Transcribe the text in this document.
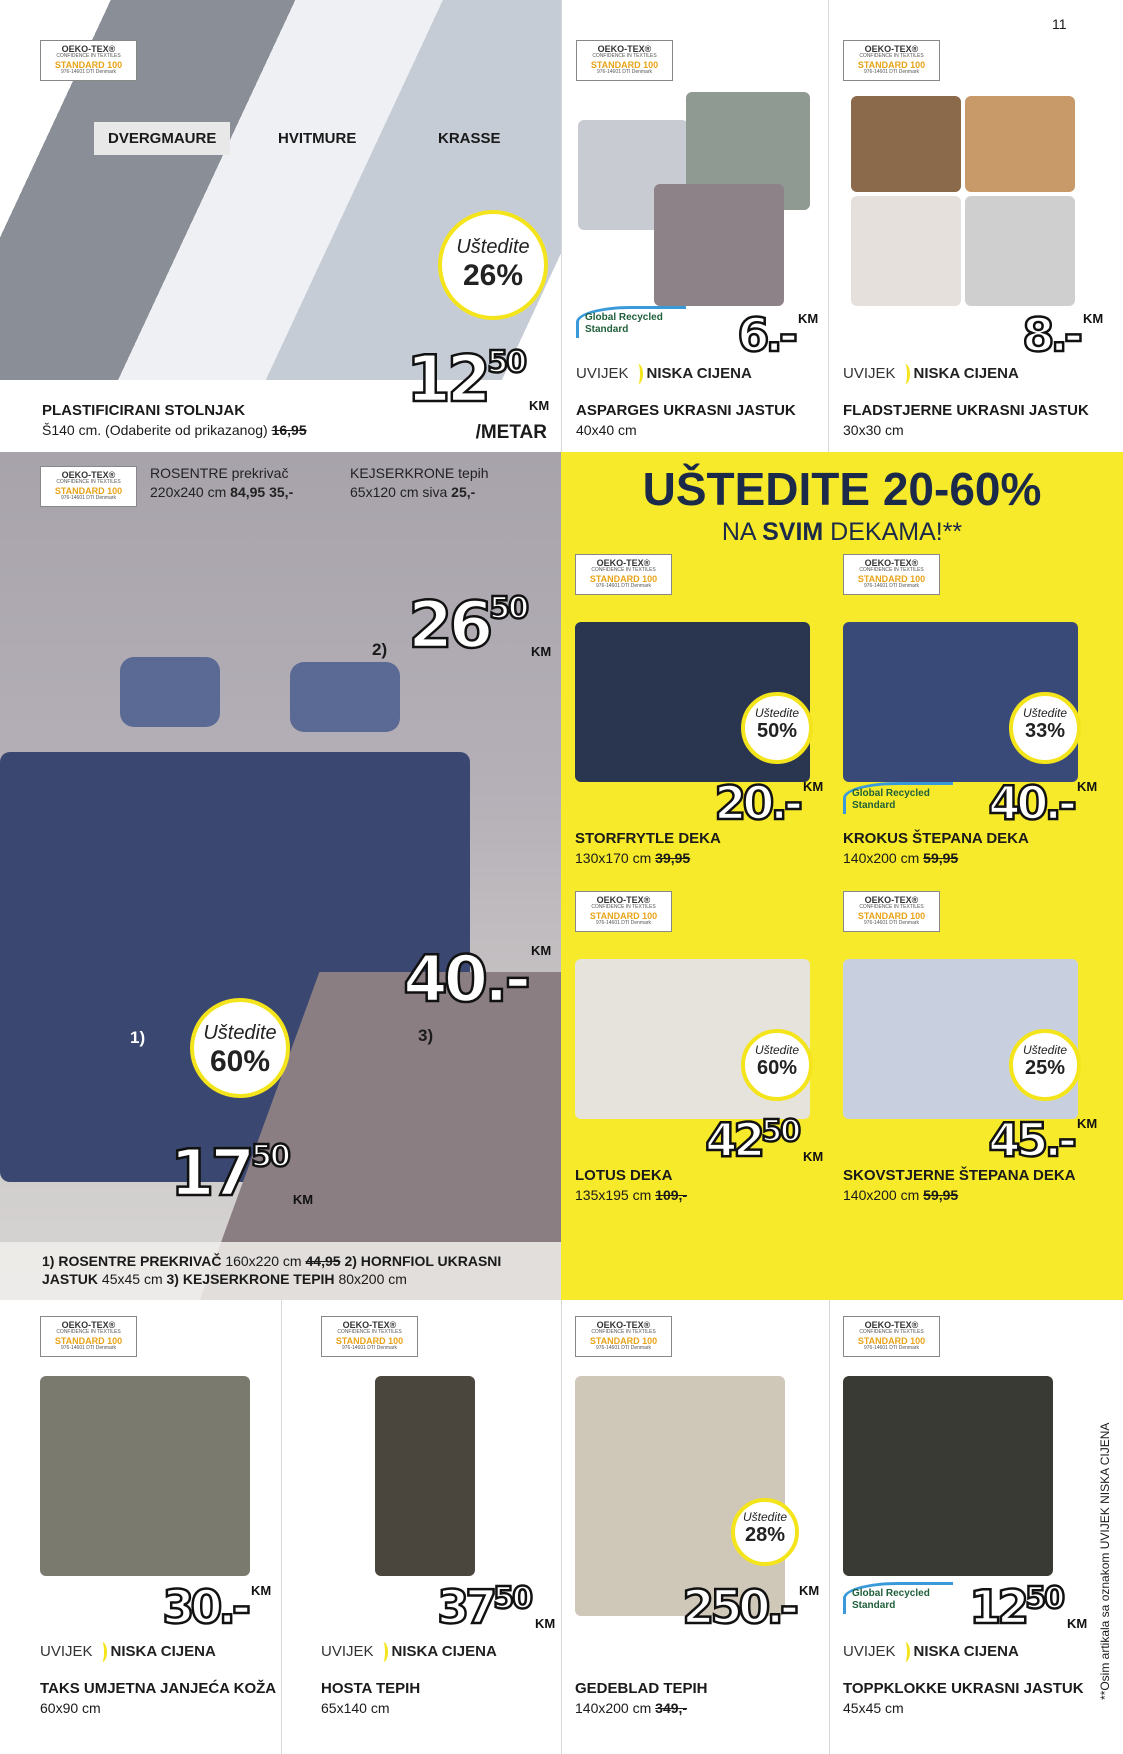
OEKO-TEX®
CONFIDENCE IN TEXTILES
STANDARD 100
976-14601 DTI Denmark
DVERGMAURE	HVITMURE	KRASSE
Uštedite
26%
1250
KM
/METAR
PLASTIFICIRANI STOLNJAK
Š140 cm. (Odaberite od prikazanog) 16,95
11
OEKO-TEX®
CONFIDENCE IN TEXTILES
STANDARD 100
976-14601 DTI Denmark
Global Recycled Standard	6.- KM
UVIJEK NISKA CIJENA
ASPARGES UKRASNI JASTUK
40x40 cm
OEKO-TEX®
CONFIDENCE IN TEXTILES
STANDARD 100
976-14601 DTI Denmark
8.- KM
UVIJEK NISKA CIJENA
FLADSTJERNE UKRASNI JASTUK
30x30 cm
OEKO-TEX®
CONFIDENCE IN TEXTILES
STANDARD 100
976-14601 DTI Denmark
ROSENTRE prekrivač
220x240 cm 84,95 35,-
KEJSERKRONE tepih
65x120 cm siva 25,-
2) 2650
KM
40.- KM
3)
1)	Uštedite
60%
1750
KM
1) ROSENTRE PREKRIVAČ 160x220 cm 44,95 2) HORNFIOL UKRASNI JASTUK 45x45 cm 3) KEJSERKRONE TEPIH 80x200 cm
UŠTEDITE 20-60%
NA SVIM DEKAMA!**
OEKO-TEX®
CONFIDENCE IN TEXTILES
STANDARD 100
976-14601 DTI Denmark
Uštedite
50%
20.- KM
STORFRYTLE DEKA
130x170 cm 39,95
OEKO-TEX®
CONFIDENCE IN TEXTILES
STANDARD 100
976-14601 DTI Denmark
Global Recycled Standard
Uštedite
33%
40.- KM
KROKUS ŠTEPANA DEKA
140x200 cm 59,95
OEKO-TEX®
CONFIDENCE IN TEXTILES
STANDARD 100
976-14601 DTI Denmark
Uštedite
60%
4250
KM
LOTUS DEKA
135x195 cm 109,-
OEKO-TEX®
CONFIDENCE IN TEXTILES
STANDARD 100
976-14601 DTI Denmark
Uštedite
25%
45.- KM
SKOVSTJERNE ŠTEPANA DEKA
140x200 cm 59,95
OEKO-TEX®
CONFIDENCE IN TEXTILES
STANDARD 100
976-14601 DTI Denmark
30.- KM
UVIJEK NISKA CIJENA
TAKS UMJETNA JANJEĆA KOŽA
60x90 cm
OEKO-TEX®
CONFIDENCE IN TEXTILES
STANDARD 100
976-14601 DTI Denmark
3750
KM
UVIJEK NISKA CIJENA
HOSTA TEPIH
65x140 cm
OEKO-TEX®
CONFIDENCE IN TEXTILES
STANDARD 100
976-14601 DTI Denmark
Uštedite
28%
250.- KM
GEDEBLAD TEPIH
140x200 cm 349,-
OEKO-TEX®
CONFIDENCE IN TEXTILES
STANDARD 100
976-14601 DTI Denmark
Global Recycled Standard	1250
KM
UVIJEK NISKA CIJENA
TOPPKLOKKE UKRASNI JASTUK
45x45 cm
**Osim artikala sa oznakom UVIJEK NISKA CIJENA
